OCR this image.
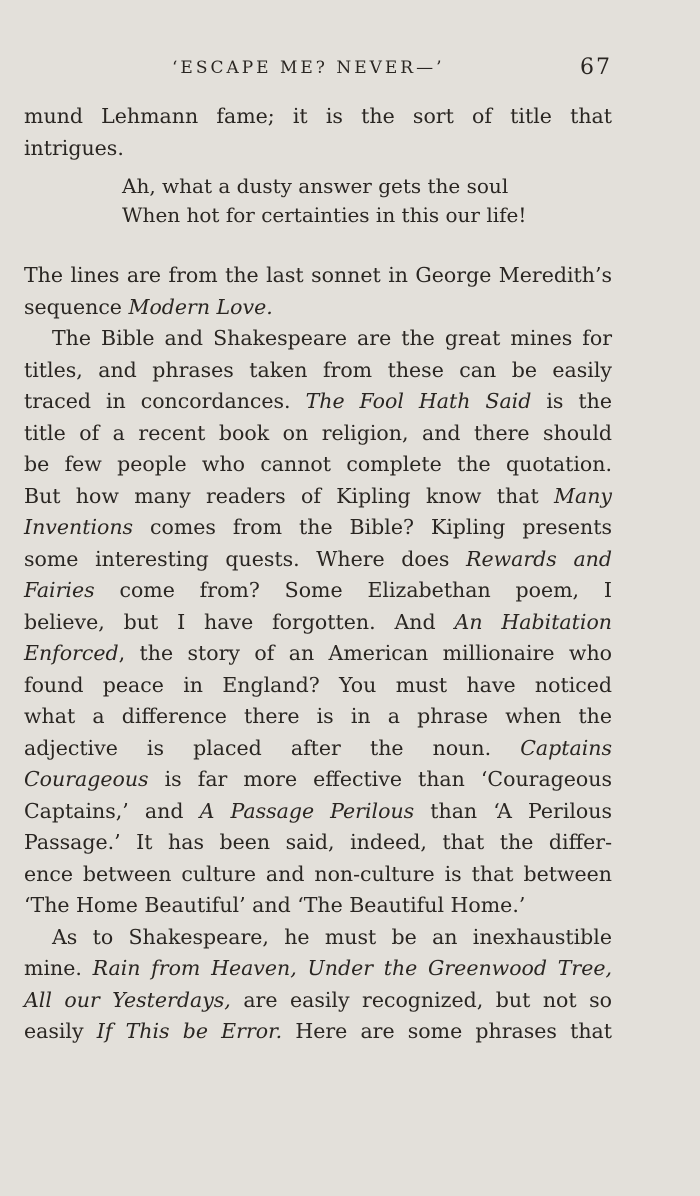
‘ESCAPE ME? NEVER—’	67
mund Lehmann fame; it is the sort of title that
intrigues.
Ah, what a dusty answer gets the soul
When hot for certainties in this our life!
The lines are from the last sonnet in George Meredith’s
sequence Modern Love.
The Bible and Shakespeare are the great mines for
titles, and phrases taken from these can be easily
traced in concordances. The Fool Hath Said is the
title of a recent book on religion, and there should
be few people who cannot complete the quotation.
But how many readers of Kipling know that Many
Inventions comes from the Bible? Kipling presents
some interesting quests. Where does Rewards and
Fairies come from? Some Elizabethan poem, I
believe, but I have forgotten. And An Habitation
Enforced, the story of an American millionaire who
found peace in England? You must have noticed
what a difference there is in a phrase when the
adjective is placed after the noun. Captains
Courageous is far more effective than ‘Courageous
Captains,’ and A Passage Perilous than ‘A Perilous
Passage.’ It has been said, indeed, that the differ-
ence between culture and non-culture is that between
‘The Home Beautiful’ and ‘The Beautiful Home.’
As to Shakespeare, he must be an inexhaustible
mine. Rain from Heaven, Under the Greenwood Tree,
All our Yesterdays, are easily recognized, but not so
easily If This be Error. Here are some phrases that
